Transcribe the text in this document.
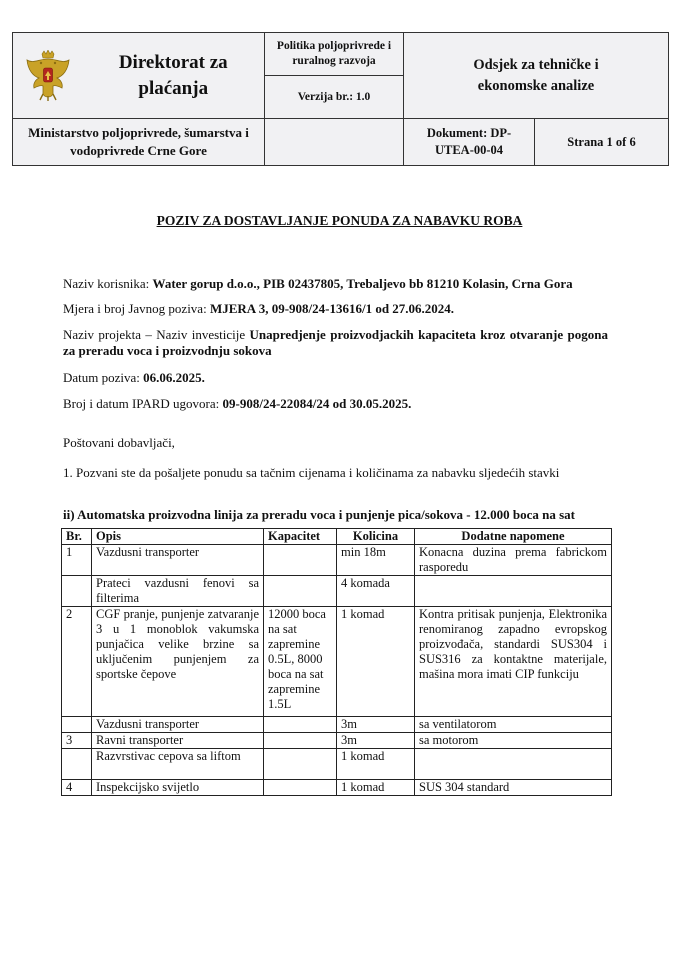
	Direktorat za plaćanja	Politika poljoprivrede i ruralnog razvoja
Verzija br.: 1.0	Odsjek za tehničke i ekonomske analize	
Ministarstvo poljoprivrede, šumarstva i vodoprivrede Crne Gore			Dokument: DP-UTEA-00-04	Strana 1 of 6
POZIV ZA DOSTAVLJANJE PONUDA ZA NABAVKU ROBA
Naziv korisnika: Water gorup d.o.o., PIB 02437805, Trebaljevo bb 81210 Kolasin, Crna Gora
Mjera i broj Javnog poziva: MJERA 3, 09-908/24-13616/1 od 27.06.2024.
Naziv projekta – Naziv investicije Unapredjenje proizvodjackih kapaciteta kroz otvaranje pogona za preradu voca i proizvodnju sokova
Datum poziva: 06.06.2025.
Broj i datum IPARD ugovora: 09-908/24-22084/24 od 30.05.2025.
Poštovani dobavljači,
1. Pozvani ste da pošaljete ponudu sa tačnim cijenama i količinama za nabavku sljedećih stavki
ii) Automatska proizvodna linija za preradu voca i punjenje pica/sokova - 12.000 boca na sat
Br.	Opis	Kapacitet	Kolicina	Dodatne napomene
1	Vazdusni transporter		min 18m	Konacna duzina prema fabrickom rasporedu
	Prateci vazdusni fenovi sa filterima		4 komada	
2	CGF pranje, punjenje zatvaranje 3 u 1 monoblok vakumska punjačica velike brzine sa uključenim punjenjem za sportske čepove	12000 boca na sat zapremine 0.5L, 8000 boca na sat zapremine 1.5L	1 komad	Kontra pritisak punjenja, Elektronika renomiranog zapadno evropskog proizvođača, standardi SUS304 i SUS316 za kontaktne materijale, mašina mora imati CIP funkciju
	Vazdusni transporter		3m	sa ventilatorom
3	Ravni transporter		3m	sa motorom
	Razvrstivac cepova sa liftom		1 komad	
4	Inspekcijsko svijetlo		1 komad	SUS 304 standard
